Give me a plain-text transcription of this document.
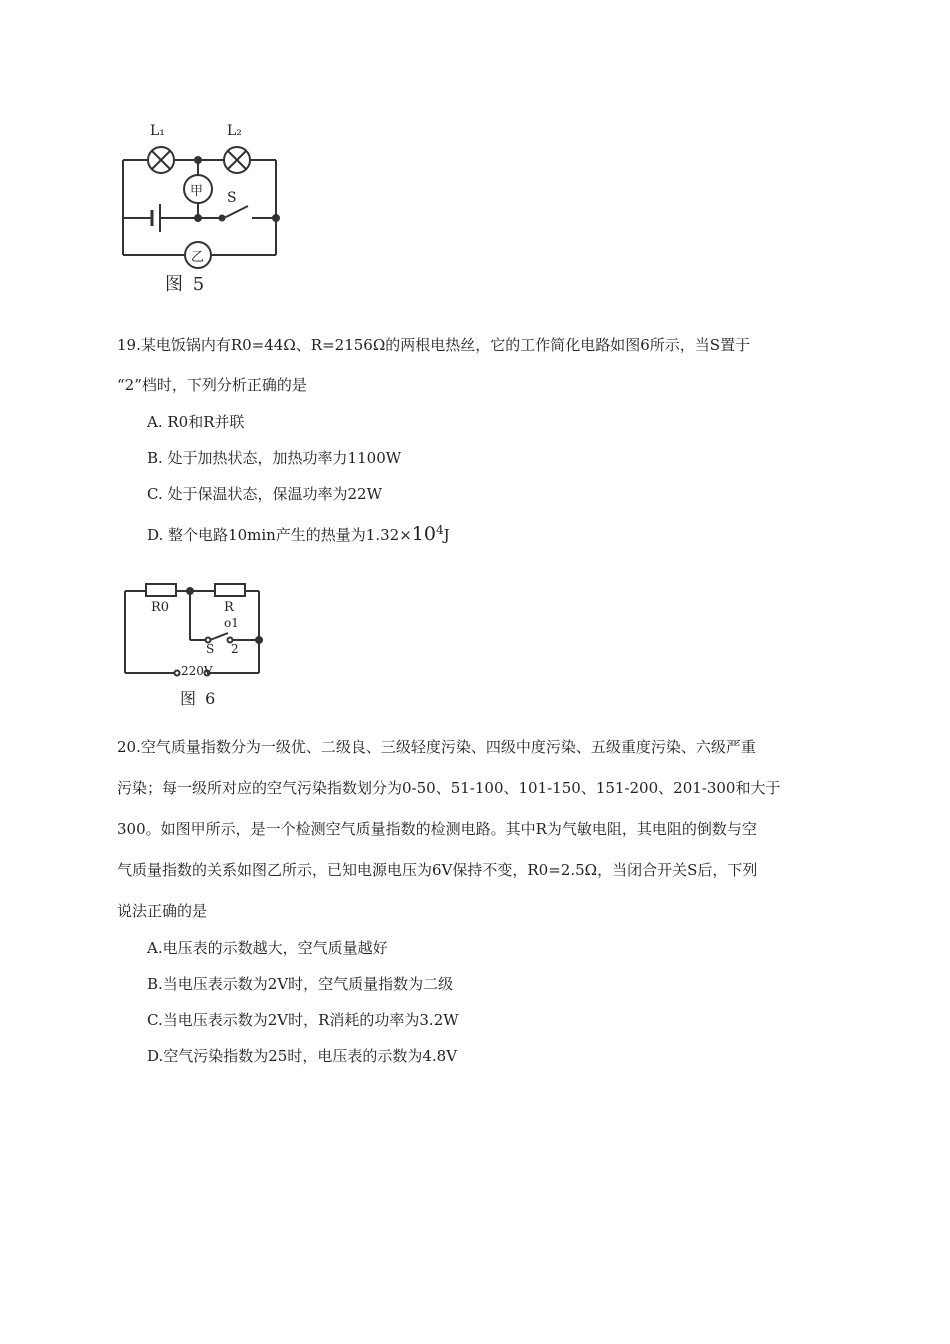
L₁	L₂
甲
乙
S
图 5
19.某电饭锅内有R0=44Ω、R=2156Ω的两根电热丝，它的工作简化电路如图6所示，当S置于
“2”档时，下列分析正确的是
A. R0和R并联
B. 处于加热状态，加热功率力1100W
C. 处于保温状态，保温功率为22W
D. 整个电路10min产生的热量为$1.32\times 10^4J$
R0	R
o1
S 2
220V
图 6
20.空气质量指数分为一级优、二级良、三级轻度污染、四级中度污染、五级重度污染、六级严重
污染；每一级所对应的空气污染指数划分为0-50、51-100、101-150、151-200、201-300和大于
300。如图甲所示，是一个检测空气质量指数的检测电路。其中R为气敏电阻，其电阻的倒数与空
气质量指数的关系如图乙所示，已知电源电压为6V保持不变，R0=2.5Ω，当闭合开关S后，下列
说法正确的是
A.电压表的示数越大，空气质量越好
B.当电压表示数为2V时，空气质量指数为二级
C.当电压表示数为2V时，R消耗的功率为3.2W
D.空气污染指数为25时，电压表的示数为4.8V
